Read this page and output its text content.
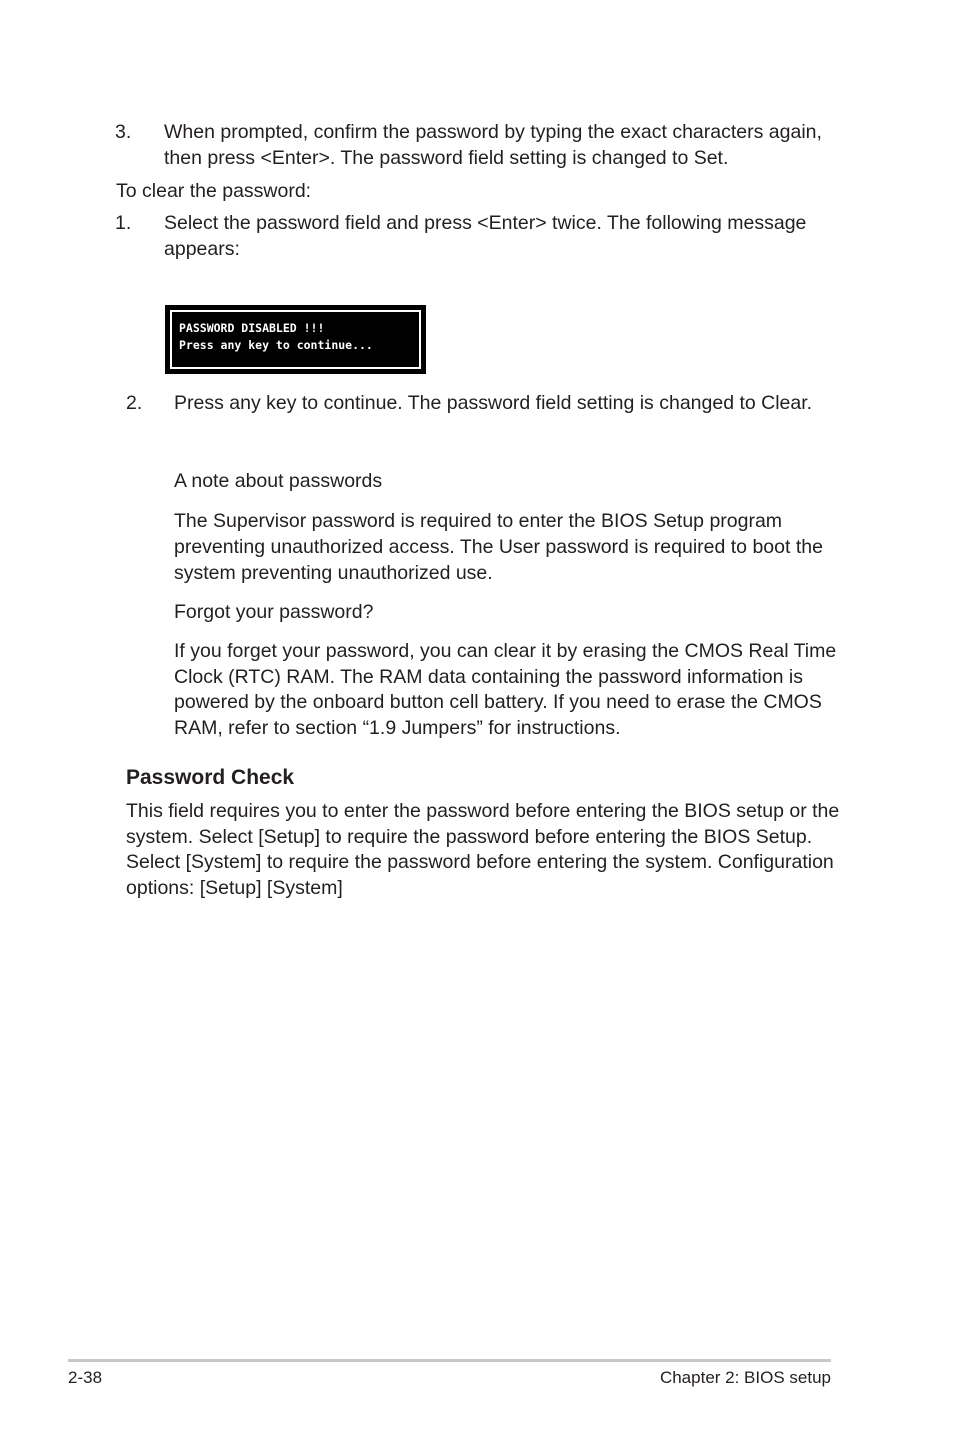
3. When prompted, confirm the password by typing the exact characters again,
then press <Enter>. The password field setting is changed to Set.
To clear the password:
1. Select the password field and press <Enter> twice. The following message
appears:
PASSWORD DISABLED !!!
Press any key to continue...
2. Press any key to continue. The password field setting is changed to Clear.
A note about passwords
The Supervisor password is required to enter the BIOS Setup program
preventing unauthorized access. The User password is required to boot the
system preventing unauthorized use.
Forgot your password?
If you forget your password, you can clear it by erasing the CMOS Real Time
Clock (RTC) RAM. The RAM data containing the password information is
powered by the onboard button cell battery. If you need to erase the CMOS
RAM, refer to section “1.9 Jumpers” for instructions.
Password Check
This field requires you to enter the password before entering the BIOS setup or the
system. Select [Setup] to require the password before entering the BIOS Setup.
Select [System] to require the password before entering the system. Configuration
options: [Setup] [System]
2-38	Chapter 2: BIOS setup
